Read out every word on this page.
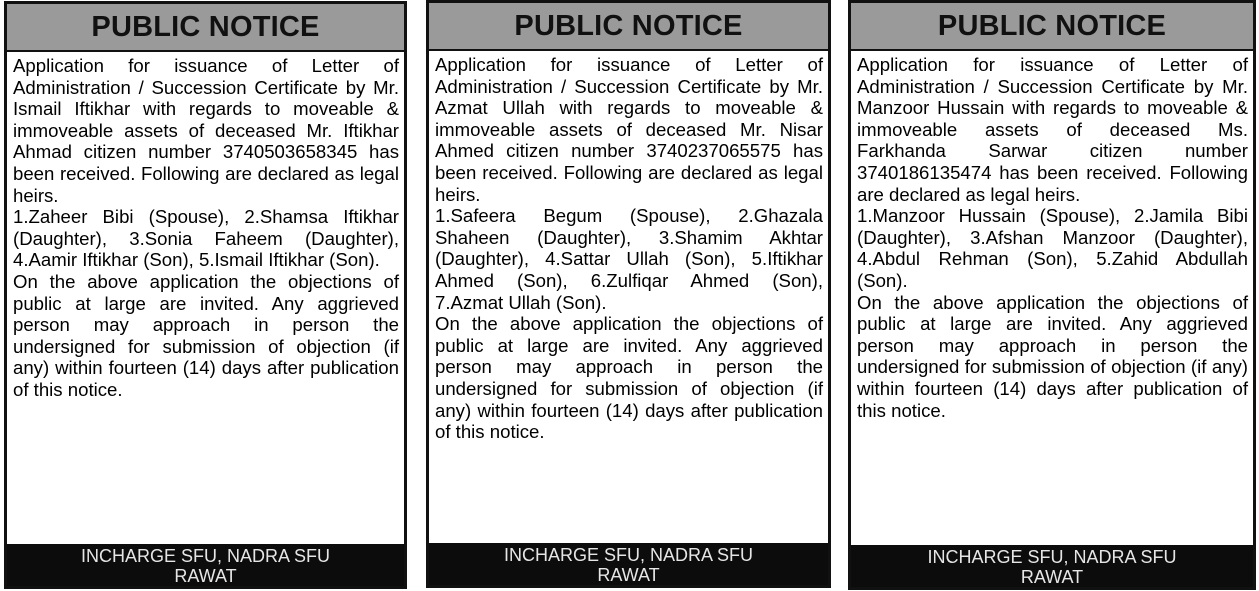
PUBLIC NOTICE

Application for issuance of Letter of Administration / Succession Certificate by Mr. Ismail Iftikhar with regards to moveable & immoveable assets of deceased Mr. Iftikhar Ahmad citizen number 3740503658345 has been received. Following are declared as legal heirs.

1.Zaheer Bibi (Spouse), 2.Shamsa Iftikhar (Daughter), 3.Sonia Faheem (Daughter), 4.Aamir Iftikhar (Son), 5.Ismail Iftikhar (Son).

On the above application the objections of public at large are invited. Any aggrieved person may approach in person the undersigned for submission of objection (if any) within fourteen (14) days after publication of this notice.

INCHARGE SFU, NADRA SFU
RAWAT
PUBLIC NOTICE

Application for issuance of Letter of Administration / Succession Certificate by Mr. Azmat Ullah with regards to moveable & immoveable assets of deceased Mr. Nisar Ahmed citizen number 3740237065575 has been received. Following are declared as legal heirs.

1.Safeera Begum (Spouse), 2.Ghazala Shaheen (Daughter), 3.Shamim Akhtar (Daughter), 4.Sattar Ullah (Son), 5.Iftikhar Ahmed (Son), 6.Zulfiqar Ahmed (Son), 7.Azmat Ullah (Son).

On the above application the objections of public at large are invited. Any aggrieved person may approach in person the undersigned for submission of objection (if any) within fourteen (14) days after publication of this notice.

INCHARGE SFU, NADRA SFU
RAWAT
PUBLIC NOTICE

Application for issuance of Letter of Administration / Succession Certificate by Mr. Manzoor Hussain with regards to moveable & immoveable assets of deceased Ms. Farkhanda Sarwar citizen number 3740186135474 has been received. Following are declared as legal heirs.

1.Manzoor Hussain (Spouse), 2.Jamila Bibi (Daughter), 3.Afshan Manzoor (Daughter), 4.Abdul Rehman (Son), 5.Zahid Abdullah (Son).

On the above application the objections of public at large are invited. Any aggrieved person may approach in person the undersigned for submission of objection (if any) within fourteen (14) days after publication of this notice.

INCHARGE SFU, NADRA SFU
RAWAT
